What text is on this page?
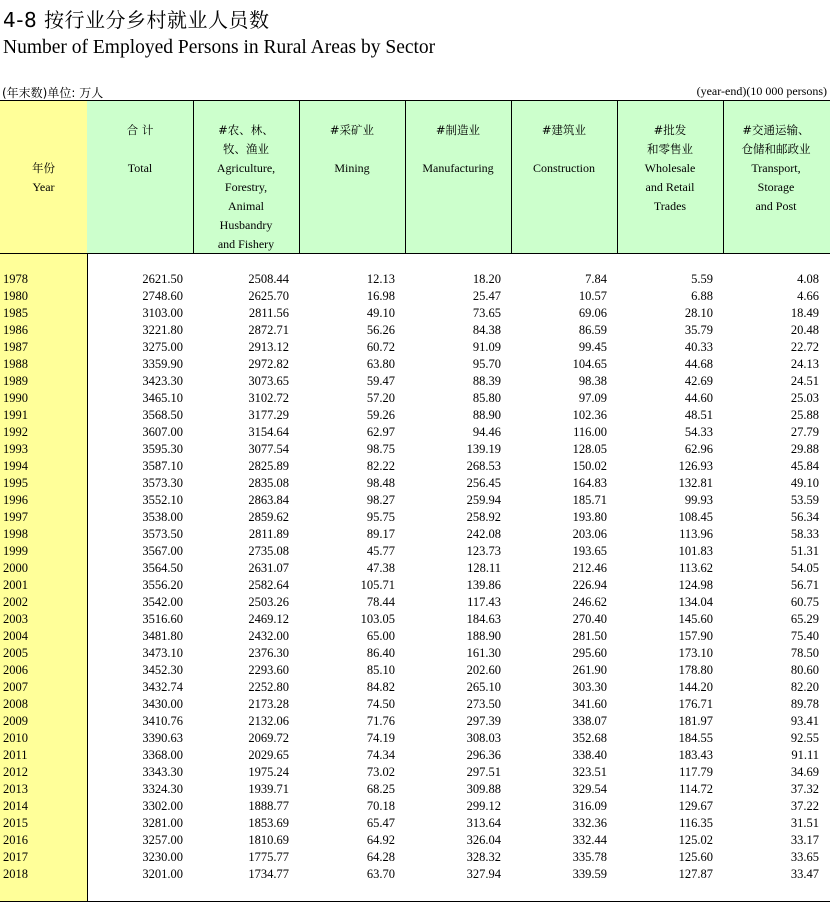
4-8 按行业分乡村就业人员数
Number of Employed Persons in Rural Areas by Sector
(年末数)单位: 万人	(year-end)(10 000 persons)
年份
Year
合 计

Total
#农、林、
牧、渔业
Agriculture,
Forestry,
Animal
Husbandry
and Fishery
#采矿业

Mining
#制造业

Manufacturing
#建筑业

Construction
#批发
和零售业
Wholesale
and Retail
Trades
#交通运输、
仓储和邮政业
Transport,
Storage
and Post
1978	2621.50	2508.44	12.13	18.20	7.84	5.59	4.08
1980	2748.60	2625.70	16.98	25.47	10.57	6.88	4.66
1985	3103.00	2811.56	49.10	73.65	69.06	28.10	18.49
1986	3221.80	2872.71	56.26	84.38	86.59	35.79	20.48
1987	3275.00	2913.12	60.72	91.09	99.45	40.33	22.72
1988	3359.90	2972.82	63.80	95.70	104.65	44.68	24.13
1989	3423.30	3073.65	59.47	88.39	98.38	42.69	24.51
1990	3465.10	3102.72	57.20	85.80	97.09	44.60	25.03
1991	3568.50	3177.29	59.26	88.90	102.36	48.51	25.88
1992	3607.00	3154.64	62.97	94.46	116.00	54.33	27.79
1993	3595.30	3077.54	98.75	139.19	128.05	62.96	29.88
1994	3587.10	2825.89	82.22	268.53	150.02	126.93	45.84
1995	3573.30	2835.08	98.48	256.45	164.83	132.81	49.10
1996	3552.10	2863.84	98.27	259.94	185.71	99.93	53.59
1997	3538.00	2859.62	95.75	258.92	193.80	108.45	56.34
1998	3573.50	2811.89	89.17	242.08	203.06	113.96	58.33
1999	3567.00	2735.08	45.77	123.73	193.65	101.83	51.31
2000	3564.50	2631.07	47.38	128.11	212.46	113.62	54.05
2001	3556.20	2582.64	105.71	139.86	226.94	124.98	56.71
2002	3542.00	2503.26	78.44	117.43	246.62	134.04	60.75
2003	3516.60	2469.12	103.05	184.63	270.40	145.60	65.29
2004	3481.80	2432.00	65.00	188.90	281.50	157.90	75.40
2005	3473.10	2376.30	86.40	161.30	295.60	173.10	78.50
2006	3452.30	2293.60	85.10	202.60	261.90	178.80	80.60
2007	3432.74	2252.80	84.82	265.10	303.30	144.20	82.20
2008	3430.00	2173.28	74.50	273.50	341.60	176.71	89.78
2009	3410.76	2132.06	71.76	297.39	338.07	181.97	93.41
2010	3390.63	2069.72	74.19	308.03	352.68	184.55	92.55
2011	3368.00	2029.65	74.34	296.36	338.40	183.43	91.11
2012	3343.30	1975.24	73.02	297.51	323.51	117.79	34.69
2013	3324.30	1939.71	68.25	309.88	329.54	114.72	37.32
2014	3302.00	1888.77	70.18	299.12	316.09	129.67	37.22
2015	3281.00	1853.69	65.47	313.64	332.36	116.35	31.51
2016	3257.00	1810.69	64.92	326.04	332.44	125.02	33.17
2017	3230.00	1775.77	64.28	328.32	335.78	125.60	33.65
2018	3201.00	1734.77	63.70	327.94	339.59	127.87	33.47
